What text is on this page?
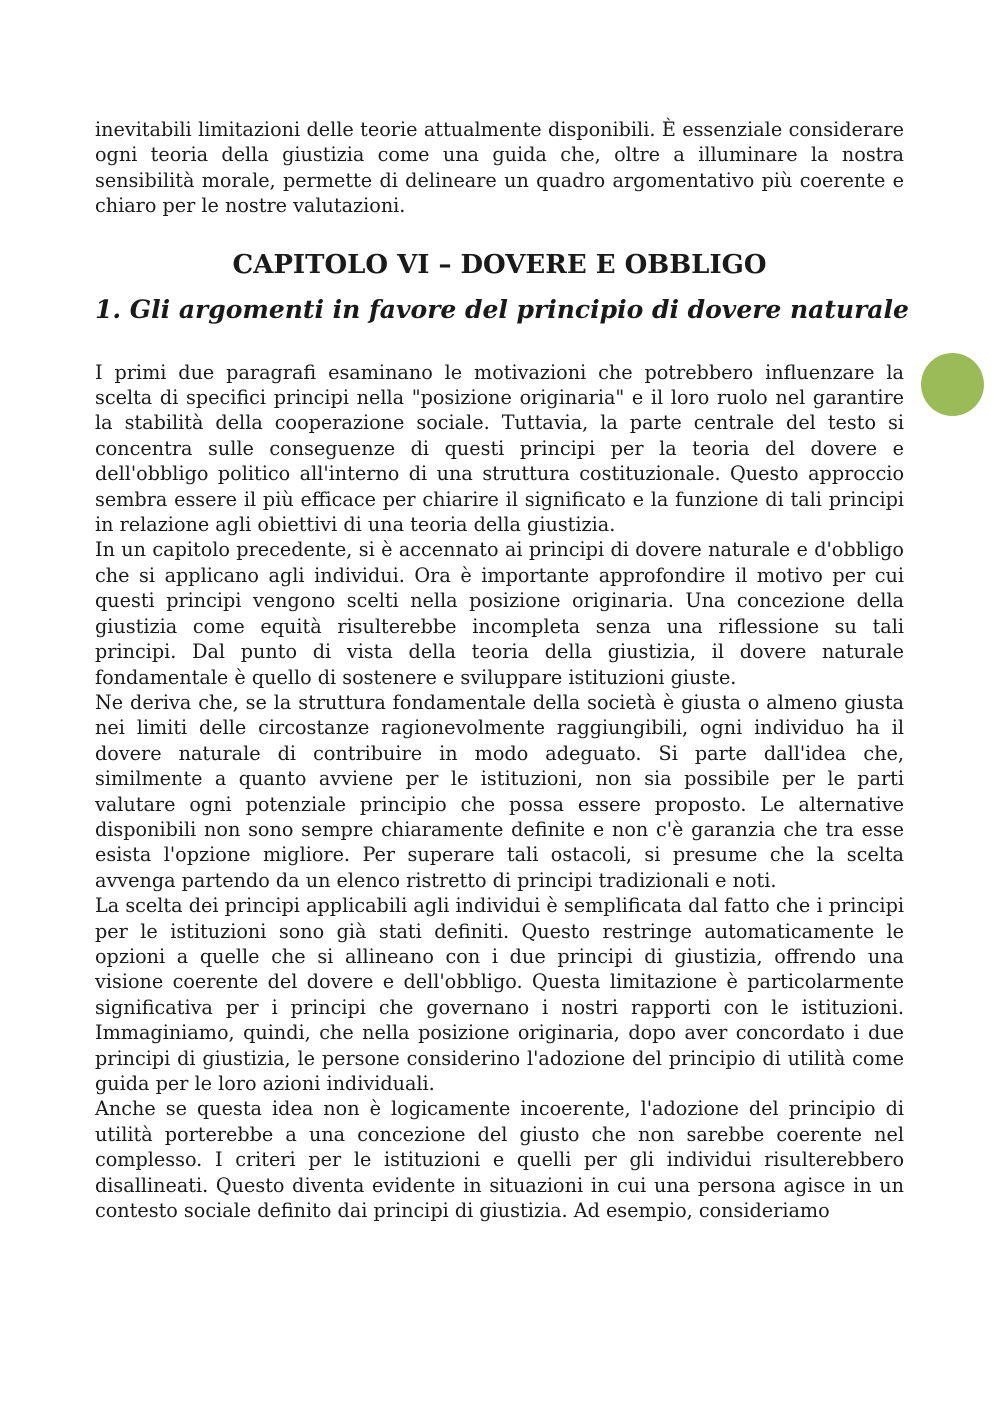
inevitabili limitazioni delle teorie attualmente disponibili. È essenziale considerare ogni teoria della giustizia come una guida che, oltre a illuminare la nostra sensibilità morale, permette di delineare un quadro argomentativo più coerente e chiaro per le nostre valutazioni.

CAPITOLO VI – DOVERE E OBBLIGO
1. Gli argomenti in favore del principio di dovere naturale

I primi due paragrafi esaminano le motivazioni che potrebbero influenzare la scelta di specifici principi nella "posizione originaria" e il loro ruolo nel garantire la stabilità della cooperazione sociale. Tuttavia, la parte centrale del testo si concentra sulle conseguenze di questi principi per la teoria del dovere e dell'obbligo politico all'interno di una struttura costituzionale. Questo approccio sembra essere il più efficace per chiarire il significato e la funzione di tali principi in relazione agli obiettivi di una teoria della giustizia.

In un capitolo precedente, si è accennato ai principi di dovere naturale e d'obbligo che si applicano agli individui. Ora è importante approfondire il motivo per cui questi principi vengono scelti nella posizione originaria. Una concezione della giustizia come equità risulterebbe incompleta senza una riflessione su tali principi. Dal punto di vista della teoria della giustizia, il dovere naturale fondamentale è quello di sostenere e sviluppare istituzioni giuste.

Ne deriva che, se la struttura fondamentale della società è giusta o almeno giusta nei limiti delle circostanze ragionevolmente raggiungibili, ogni individuo ha il dovere naturale di contribuire in modo adeguato. Si parte dall'idea che, similmente a quanto avviene per le istituzioni, non sia possibile per le parti valutare ogni potenziale principio che possa essere proposto. Le alternative disponibili non sono sempre chiaramente definite e non c'è garanzia che tra esse esista l'opzione migliore. Per superare tali ostacoli, si presume che la scelta avvenga partendo da un elenco ristretto di principi tradizionali e noti.

La scelta dei principi applicabili agli individui è semplificata dal fatto che i principi per le istituzioni sono già stati definiti. Questo restringe automaticamente le opzioni a quelle che si allineano con i due principi di giustizia, offrendo una visione coerente del dovere e dell'obbligo. Questa limitazione è particolarmente significativa per i principi che governano i nostri rapporti con le istituzioni. Immaginiamo, quindi, che nella posizione originaria, dopo aver concordato i due principi di giustizia, le persone considerino l'adozione del principio di utilità come guida per le loro azioni individuali.

Anche se questa idea non è logicamente incoerente, l'adozione del principio di utilità porterebbe a una concezione del giusto che non sarebbe coerente nel complesso. I criteri per le istituzioni e quelli per gli individui risulterebbero disallineati. Questo diventa evidente in situazioni in cui una persona agisce in un contesto sociale definito dai principi di giustizia. Ad esempio, consideriamo
